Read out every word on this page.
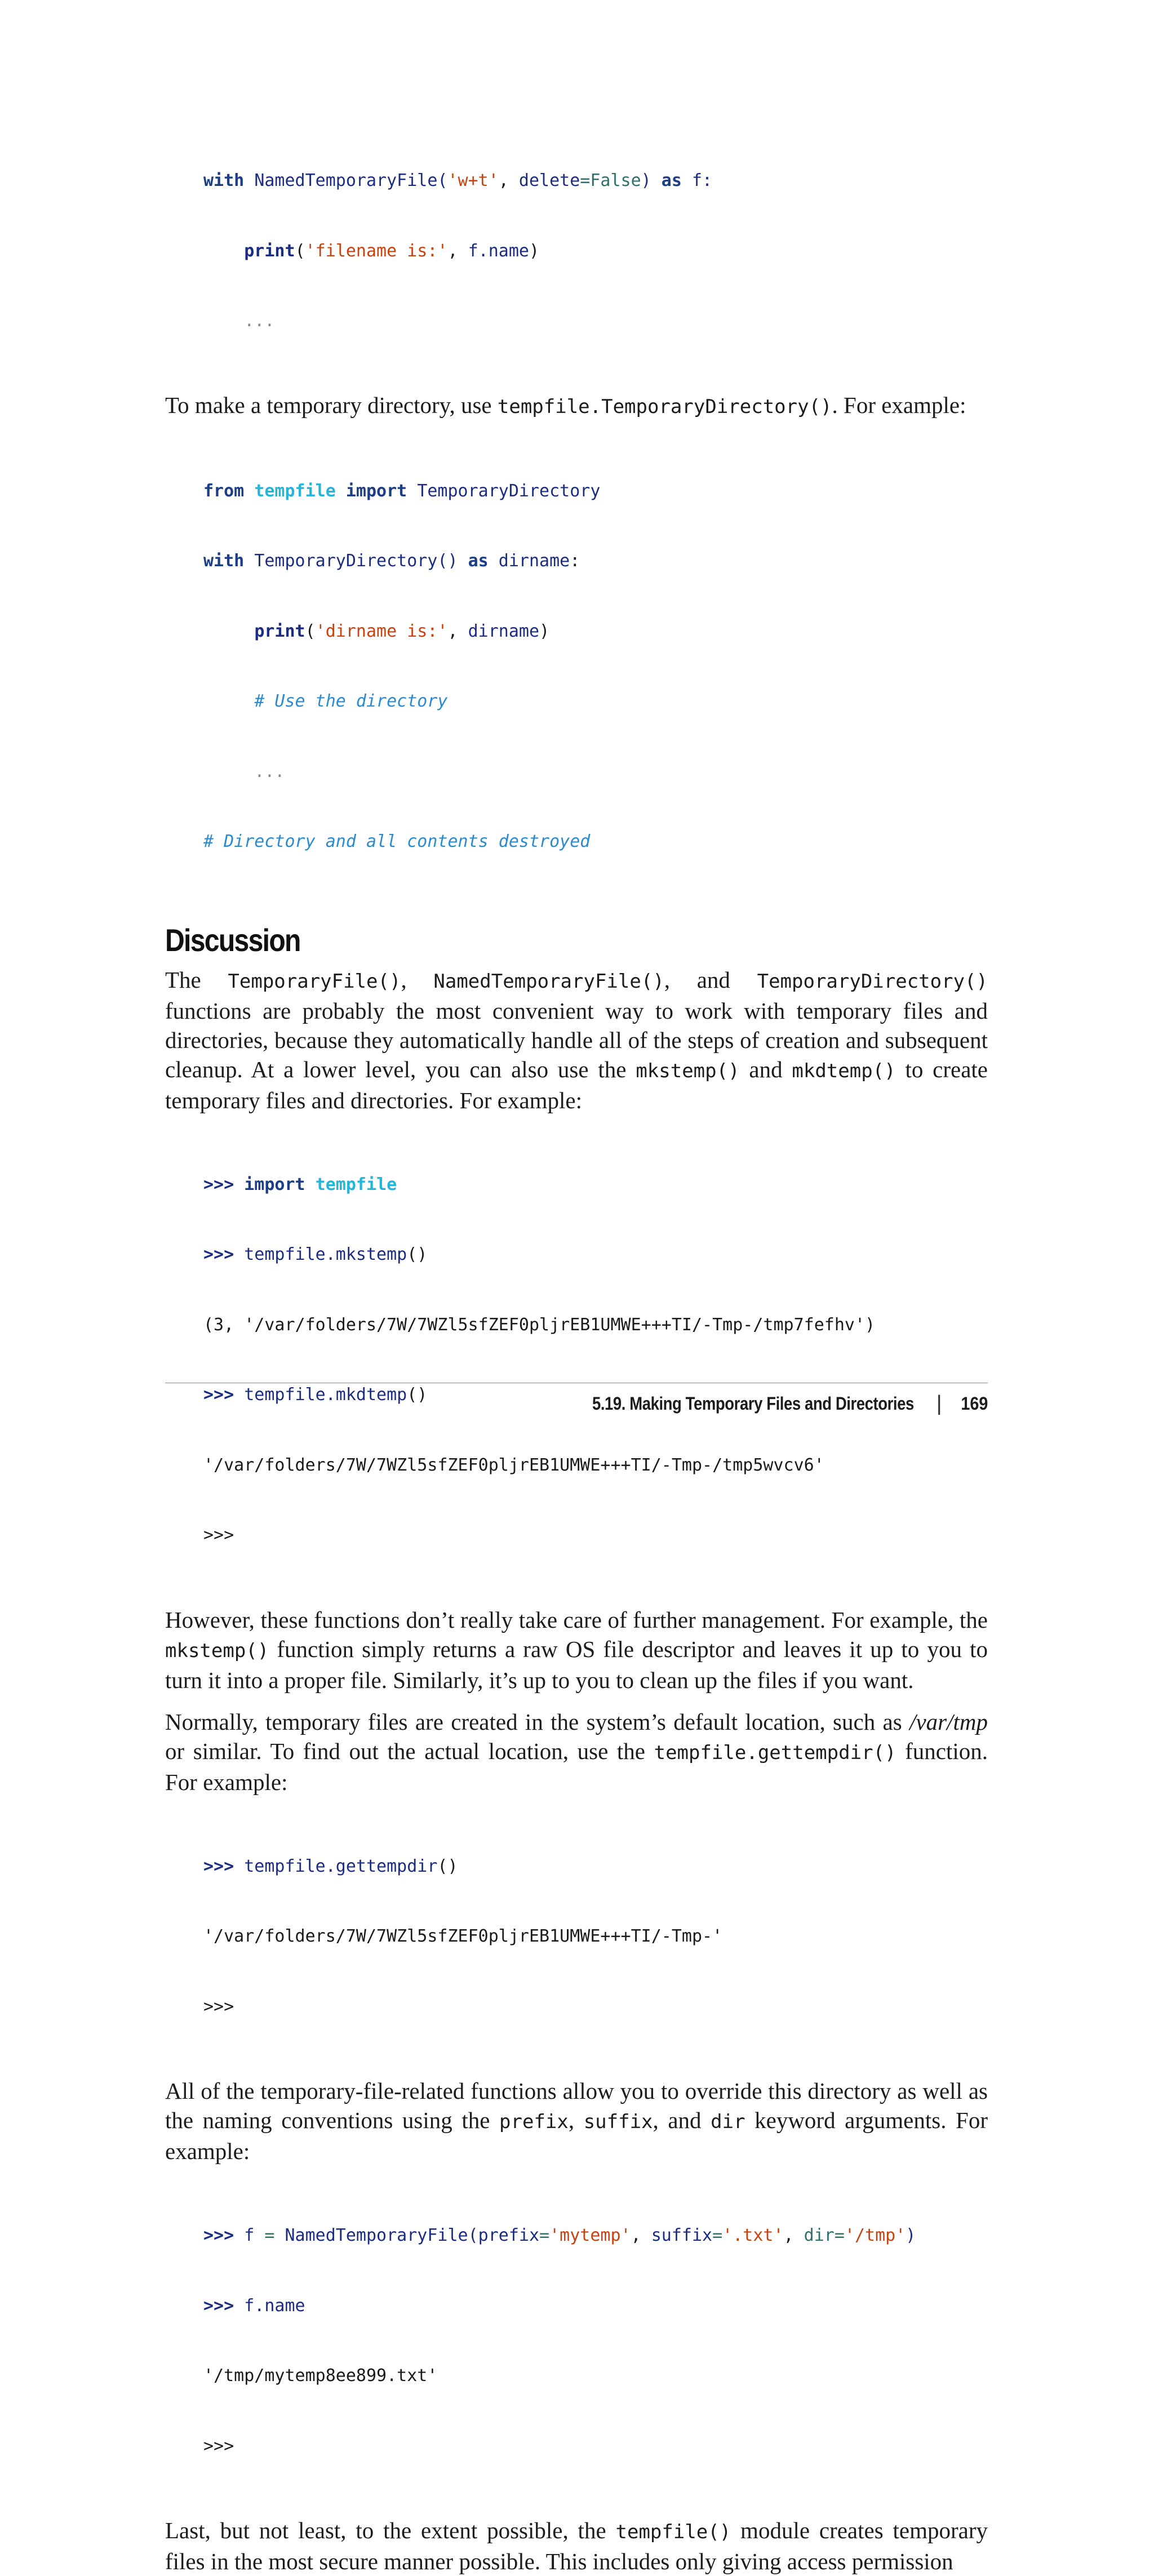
with NamedTemporaryFile('w+t', delete=False) as f:

print('filename is:', f.name)

...

To make a temporary directory, use tempfile.TemporaryDirectory(). For example:

from tempfile import TemporaryDirectory

with TemporaryDirectory() as dirname:

print('dirname is:', dirname)

# Use the directory

...

# Directory and all contents destroyed

Discussion

The TemporaryFile(), NamedTemporaryFile(), and TemporaryDirectory() functions are probably the most convenient way to work with temporary files and directories, because they automatically handle all of the steps of creation and subsequent cleanup. At a lower level, you can also use the mkstemp() and mkdtemp() to create temporary files and directories. For example:

>>> import tempfile

>>> tempfile.mkstemp()

(3, '/var/folders/7W/7WZl5sfZEF0pljrEB1UMWE+++TI/-Tmp-/tmp7fefhv')

>>> tempfile.mkdtemp()

'/var/folders/7W/7WZl5sfZEF0pljrEB1UMWE+++TI/-Tmp-/tmp5wvcv6'

>>>

However, these functions don’t really take care of further management. For example, the mkstemp() function simply returns a raw OS file descriptor and leaves it up to you to turn it into a proper file. Similarly, it’s up to you to clean up the files if you want.

Normally, temporary files are created in the system’s default location, such as /var/tmp or similar. To find out the actual location, use the tempfile.gettempdir() function. For example:

>>> tempfile.gettempdir()

'/var/folders/7W/7WZl5sfZEF0pljrEB1UMWE+++TI/-Tmp-'

>>>

All of the temporary-file-related functions allow you to override this directory as well as the naming conventions using the prefix, suffix, and dir keyword arguments. For example:

>>> f = NamedTemporaryFile(prefix='mytemp', suffix='.txt', dir='/tmp')

>>> f.name

'/tmp/mytemp8ee899.txt'

>>>

Last, but not least, to the extent possible, the tempfile() module creates temporary files in the most secure manner possible. This includes only giving access permission

5.19. Making Temporary Files and Directories | 169
